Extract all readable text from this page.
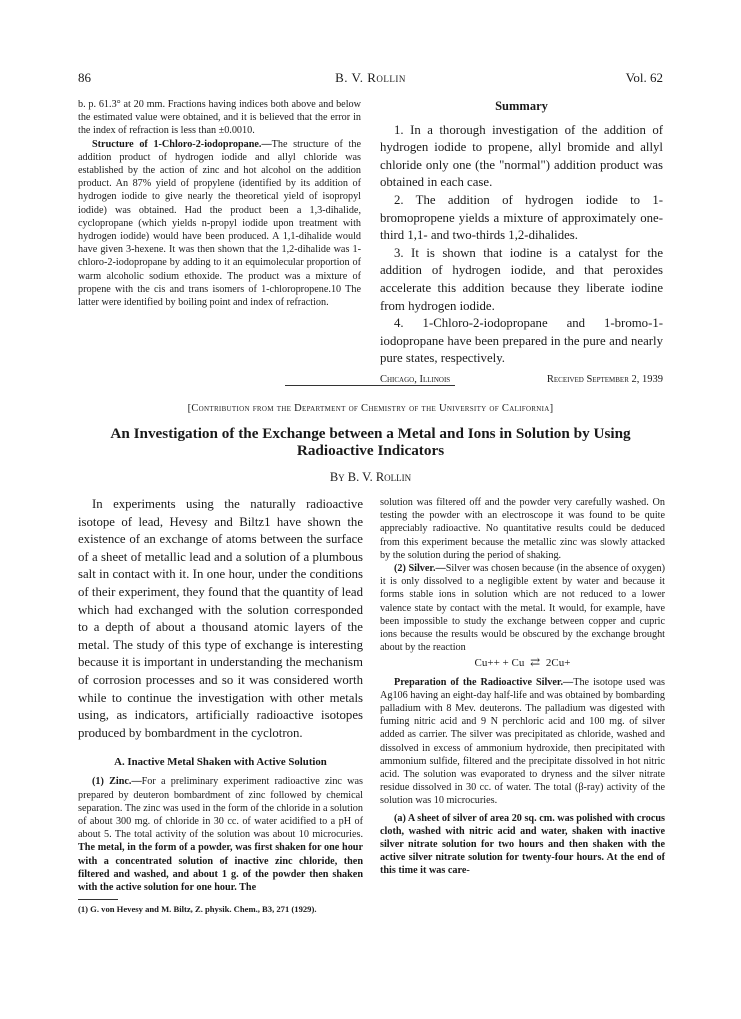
86	B. V. Rollin	Vol. 62

b. p. 61.3° at 20 mm. Fractions having indices both above and below the estimated value were obtained, and it is believed that the error in the index of refraction is less than ±0.0010.

Structure of 1-Chloro-2-iodopropane.—The structure of the addition product of hydrogen iodide and allyl chloride was established by the action of zinc and hot alcohol on the addition product. An 87% yield of propylene (identified by its addition of hydrogen iodide to give nearly the theoretical yield of isopropyl iodide) was obtained. Had the product been a 1,3-dihalide, cyclopropane (which yields n-propyl iodide upon treatment with hydrogen iodide) would have been produced. A 1,1-dihalide would have given 3-hexene. It was then shown that the 1,2-dihalide was 1-chloro-2-iodopropane by adding to it an equimolecular proportion of warm alcoholic sodium ethoxide. The product was a mixture of propene with the cis and trans isomers of 1-chloropropene.10 The latter were identified by boiling point and index of refraction.

Summary

1. In a thorough investigation of the addition of hydrogen iodide to propene, allyl bromide and allyl chloride only one (the "normal") addition product was obtained in each case.

2. The addition of hydrogen iodide to 1-bromopropene yields a mixture of approximately one-third 1,1- and two-thirds 1,2-dihalides.

3. It is shown that iodine is a catalyst for the addition of hydrogen iodide, and that peroxides accelerate this addition because they liberate iodine from hydrogen iodide.

4. 1-Chloro-2-iodopropane and 1-bromo-1-iodopropane have been prepared in the pure and nearly pure states, respectively.

Chicago, Illinois	Received September 2, 1939
[Contribution from the Department of Chemistry of the University of California]
An Investigation of the Exchange between a Metal and Ions in Solution by Using Radioactive Indicators
By B. V. Rollin

In experiments using the naturally radioactive isotope of lead, Hevesy and Biltz1 have shown the existence of an exchange of atoms between the surface of a sheet of metallic lead and a solution of a plumbous salt in contact with it. In one hour, under the conditions of their experiment, they found that the quantity of lead which had exchanged with the solution corresponded to a depth of about a thousand atomic layers of the metal. The study of this type of exchange is interesting because it is important in understanding the mechanism of corrosion processes and so it was considered worth while to continue the investigation with other metals using, as indicators, artificially radioactive isotopes produced by bombardment in the cyclotron.

A. Inactive Metal Shaken with Active Solution

(1) Zinc.—For a preliminary experiment radioactive zinc was prepared by deuteron bombardment of zinc followed by chemical separation. The zinc was used in the form of the chloride in a solution of about 300 mg. of chloride in 30 cc. of water acidified to a pH of about 5. The total activity of the solution was about 10 microcuries. The metal, in the form of a powder, was first shaken for one hour with a concentrated solution of inactive zinc chloride, then filtered and washed, and about 1 g. of the powder then shaken with the active solution for one hour. The

(1) G. von Hevesy and M. Biltz, Z. physik. Chem., B3, 271 (1929).

solution was filtered off and the powder very carefully washed. On testing the powder with an electroscope it was found to be quite appreciably radioactive. No quantitative results could be deduced from this experiment because the metallic zinc was slowly attacked by the solution during the period of shaking.

(2) Silver.—Silver was chosen because (in the absence of oxygen) it is only dissolved to a negligible extent by water and because it forms stable ions in solution which are not reduced to a lower valence state by contact with the metal. It would, for example, have been impossible to study the exchange between copper and cupric ions because the results would be obscured by the exchange brought about by the reaction

Cu++ + Cu ⇄ 2Cu+

Preparation of the Radioactive Silver.—The isotope used was Ag106 having an eight-day half-life and was obtained by bombarding palladium with 8 Mev. deuterons. The palladium was digested with fuming nitric acid and 9 N perchloric acid and 100 mg. of silver added as carrier. The silver was precipitated as chloride, washed and dissolved in excess of ammonium hydroxide, then precipitated with ammonium sulfide, filtered and the precipitate dissolved in hot nitric acid. The solution was evaporated to dryness and the silver nitrate residue dissolved in 30 cc. of water. The total (β-ray) activity of the solution was 10 microcuries.

(a) A sheet of silver of area 20 sq. cm. was polished with crocus cloth, washed with nitric acid and water, shaken with inactive silver nitrate solution for two hours and then shaken with the active silver nitrate solution for twenty-four hours. At the end of this time it was care-
